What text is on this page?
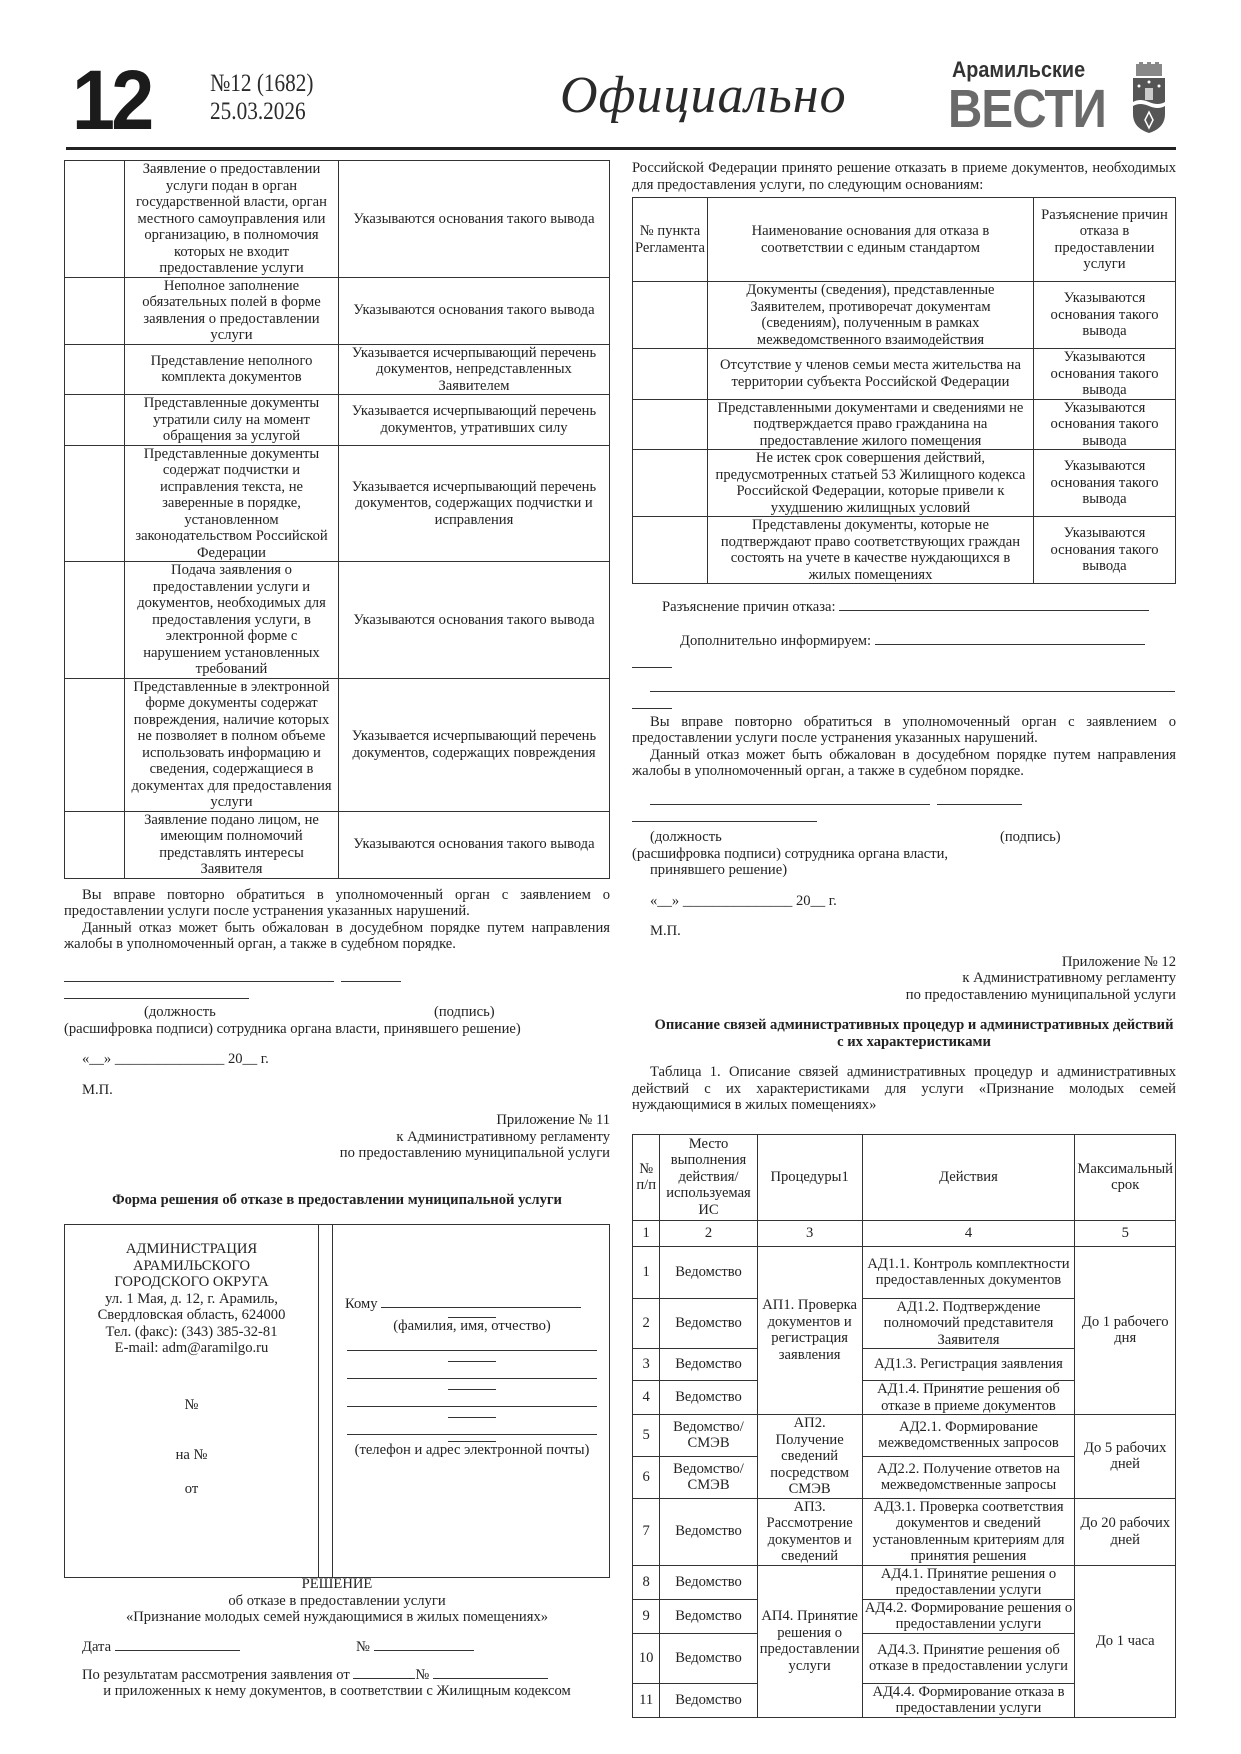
12 №12 (1682)
25.03.2026	Официально	Арамильские
ВЕСТИ
	Заявление о предоставлении услуги подан в орган государственной власти, орган местного самоуправления или организацию, в полномочия которых не входит предоставление услуги	Указываются основания такого вывода
	Неполное заполнение обязательных полей в форме заявления о предоставлении услуги	Указываются основания такого вывода
	Представление неполного комплекта документов	Указывается исчерпывающий перечень документов, непредставленных Заявителем
	Представленные документы утратили силу на момент обращения за услугой	Указывается исчерпывающий перечень документов, утративших силу
	Представленные документы содержат подчистки и исправления текста, не заверенные в порядке, установленном законодательством Российской Федерации	Указывается исчерпывающий перечень документов, содержащих подчистки и исправления
	Подача заявления о предоставлении услуги и документов, необходимых для предоставления услуги, в электронной форме с нарушением установленных требований	Указываются основания такого вывода
	Представленные в электронной форме документы содержат повреждения, наличие которых не позволяет в полном объеме использовать информацию и сведения, содержащиеся в документах для предоставления услуги	Указывается исчерпывающий перечень документов, содержащих повреждения
	Заявление подано лицом, не имеющим полномочий представлять интересы Заявителя	Указываются основания такого вывода

Вы вправе повторно обратиться в уполномоченный орган с заявлением о предоставлении услуги после устранения указанных нарушений.

Данный отказ может быть обжалован в досудебном порядке путем направления жалобы в уполномоченный орган, а также в судебном порядке.

(должность	(подпись)

(расшифровка подписи) сотрудника органа власти, принявшего решение)

«__» _______________ 20__ г.

М.П.

Приложение № 11

к Административному регламенту

по предоставлению муниципальной услуги

Форма решения об отказе в предоставлении муниципальной услуги

АДМИНИСТРАЦИЯ
АРАМИЛЬСКОГО
ГОРОДСКОГО ОКРУГА
ул. 1 Мая, д. 12, г. Арамиль,
Свердловская область, 624000
Тел. (факс): (343) 385-32-81
E-mail: adm@aramilgo.ru
№
на №
от
Кому
(фамилия, имя, отчество)
(телефон и адрес электронной почты)

РЕШЕНИЕ

об отказе в предоставлении услуги

«Признание молодых семей нуждающимися в жилых помещениях»

Дата	№
По результатам рассмотрения заявления от	№

и приложенных к нему документов, в соответствии с Жилищным кодексом

Российской Федерации принято решение отказать в приеме документов, необходимых для предоставления услуги, по следующим основаниям:

№ пункта Регламента	Наименование основания для отказа в соответствии с единым стандартом	Разъяснение причин отказа в предоставлении услуги
	Документы (сведения), представленные Заявителем, противоречат документам (сведениям), полученным в рамках межведомственного взаимодействия	Указываются основания такого вывода
	Отсутствие у членов семьи места жительства на территории субъекта Российской Федерации	Указываются основания такого вывода
	Представленными документами и сведениями не подтверждается право гражданина на предоставление жилого помещения	Указываются основания такого вывода
	Не истек срок совершения действий, предусмотренных статьей 53 Жилищного кодекса Российской Федерации, которые привели к ухудшению жилищных условий	Указываются основания такого вывода
	Представлены документы, которые не подтверждают право соответствующих граждан состоять на учете в качестве нуждающихся в жилых помещениях	Указываются основания такого вывода
Разъяснение причин отказа:
Дополнительно информируем:

Вы вправе повторно обратиться в уполномоченный орган с заявлением о предоставлении услуги после устранения указанных нарушений.

Данный отказ может быть обжалован в досудебном порядке путем направления жалобы в уполномоченный орган, а также в судебном порядке.

(должность	(подпись)

(расшифровка подписи) сотрудника органа власти,

принявшего решение)

«__» _______________ 20__ г.

М.П.

Приложение № 12

к Административному регламенту

по предоставлению муниципальной услуги

Описание связей административных процедур и административных действий с их характеристиками

Таблица 1. Описание связей административных процедур и административных действий с их характеристиками для услуги «Признание молодых семей нуждающимися в жилых помещениях»

№ п/п	Место выполнения действия/ используемая ИС	Процедуры1	Действия	Максимальный срок
1	2	3	4	5
1	Ведомство	АП1. Проверка документов и регистрация заявления	АД1.1. Контроль комплектности предоставленных документов	До 1 рабочего дня
2	Ведомство		АД1.2. Подтверждение полномочий представителя Заявителя	
3	Ведомство		АД1.3. Регистрация заявления	
4	Ведомство		АД1.4. Принятие решения об отказе в приеме документов	
5	Ведомство/ СМЭВ	АП2. Получение сведений посредством СМЭВ	АД2.1. Формирование межведомственных запросов	До 5 рабочих дней
6	Ведомство/ СМЭВ		АД2.2. Получение ответов на межведомственные запросы	
7	Ведомство	АП3. Рассмотрение документов и сведений	АД3.1. Проверка соответствия документов и сведений установленным критериям для принятия решения	До 20 рабочих дней
8	Ведомство	АП4. Принятие решения о предоставлении услуги	АД4.1. Принятие решения о предоставлении услуги	До 1 часа
9	Ведомство		АД4.2. Формирование решения о предоставлении услуги	
10	Ведомство		АД4.3. Принятие решения об отказе в предоставлении услуги	
11	Ведомство		АД4.4. Формирование отказа в предоставлении услуги	
